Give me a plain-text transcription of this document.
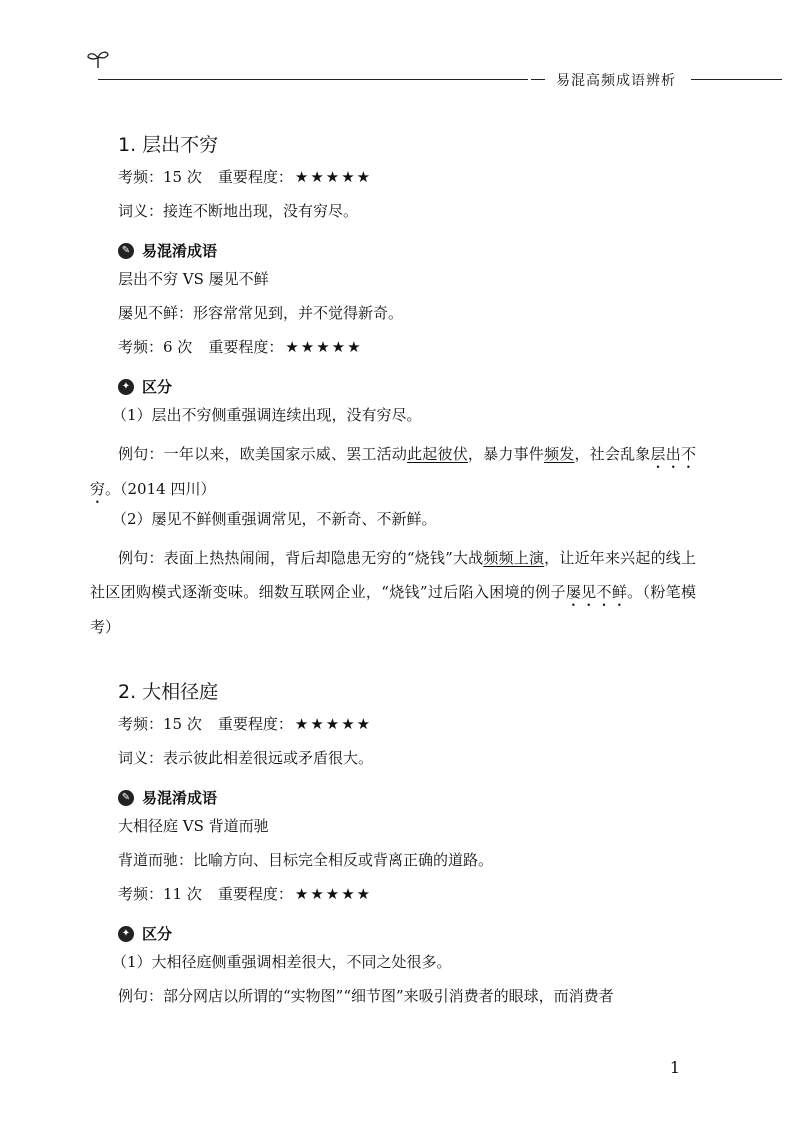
易混高频成语辨析
1. 层出不穷
考频：15 次 重要程度： ★★★★★
词义：接连不断地出现，没有穷尽。
✎ 易混淆成语
层出不穷 VS 屡见不鲜
屡见不鲜：形容常常见到，并不觉得新奇。
考频：6 次 重要程度： ★★★★★
✦ 区分
（1）层出不穷侧重强调连续出现，没有穷尽。

例句：一年以来，欧美国家示威、罢工活动此起彼伏，暴力事件频发，社会乱象层出不穷。（2014 四川）

（2）屡见不鲜侧重强调常见，不新奇、不新鲜。

例句：表面上热热闹闹，背后却隐患无穷的“烧钱”大战频频上演，让近年来兴起的线上社区团购模式逐渐变味。细数互联网企业，“烧钱”过后陷入困境的例子屡见不鲜。（粉笔模考）

2. 大相径庭
考频：15 次 重要程度： ★★★★★
词义：表示彼此相差很远或矛盾很大。
✎ 易混淆成语
大相径庭 VS 背道而驰
背道而驰：比喻方向、目标完全相反或背离正确的道路。
考频：11 次 重要程度： ★★★★★
✦ 区分
（1）大相径庭侧重强调相差很大，不同之处很多。
例句：部分网店以所谓的“实物图”“细节图”来吸引消费者的眼球，而消费者
1
